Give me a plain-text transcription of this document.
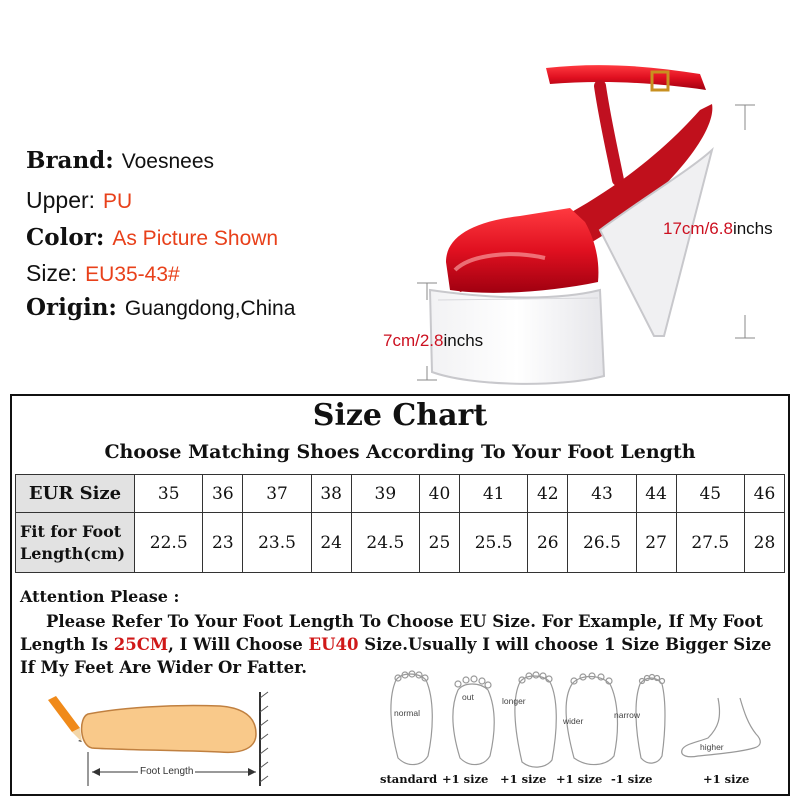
Brand: Voesnees
Upper: PU
Color: As Picture Shown
Size: EU35-43#
Origin: Guangdong,China
17cm/6.8inchs
7cm/2.8inchs
Size Chart
Choose Matching Shoes According To Your Foot Length
EUR Size	35	36	37	38	39	40	41	42	43	44	45	46
Fit for Foot
Length(cm)	22.5	23	23.5	24	24.5	25	25.5	26	26.5	27	27.5	28
Attention Please :
Please Refer To Your Foot Length To Choose EU Size. For Example, If My Foot Length Is 25CM, I Will Choose EU40 Size.Usually I will choose 1 Size Bigger Size If My Feet Are Wider Or Fatter.
Foot Length
normal
out	longer
wider
narrow
higher
standard +1 size +1 size +1 size -1 size	+1 size
